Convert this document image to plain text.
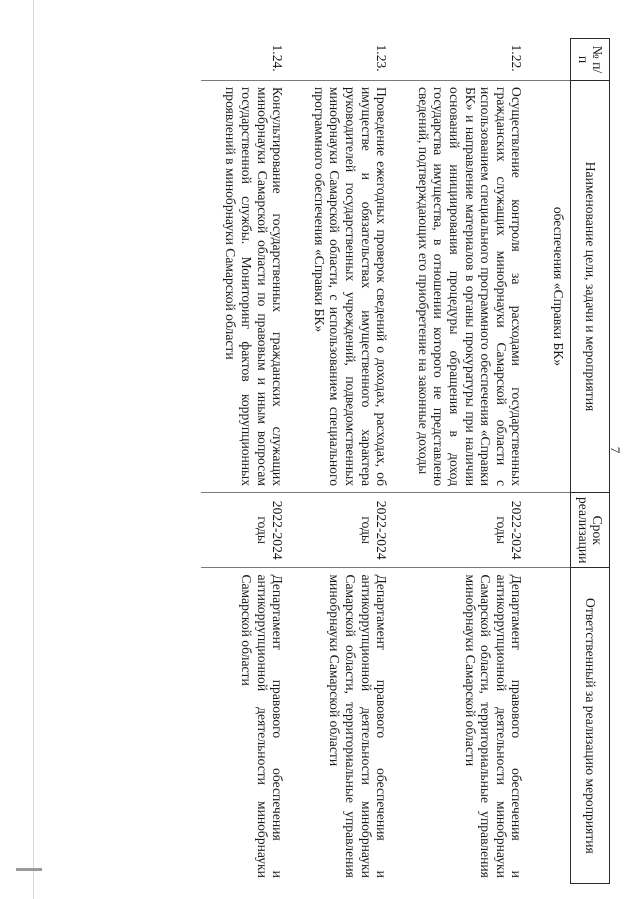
7
№ п/п	Наименование цели, задачи и мероприятия	Срок реализации	Ответственный за реализацию мероприятия
	обеспечения «Справки БК»		
1.22.	Осуществление контроля за расходами государственных гражданских служащих минобрнауки Самарской области с использованием специального программного обеспечения «Справки БК» и направление материалов в органы прокуратуры при наличии оснований инициирования процедуры обращения в доход государства имущества, в отношении которого не представлено сведений, подтверждающих его приобретение на законные доходы	2022-2024 годы	Департамент правового обеспечения и антикоррупционной деятельности минобрнауки Самарской области, территориальные управления минобрнауки Самарской области
1.23.	Проведение ежегодных проверок сведений о доходах, расходах, об имуществе и обязательствах имущественного характера руководителей государственных учреждений, подведомственных минобрнауки Самарской области, с использованием специального программного обеспечения «Справки БК»	2022-2024 годы	Департамент правового обеспечения и антикоррупционной деятельности минобрнауки Самарской области, территориальные управления минобрнауки Самарской области
1.24.	Консультирование государственных гражданских служащих минобрнауки Самарской области по правовым и иным вопросам государственной службы. Мониторинг фактов коррупционных проявлений в минобрнауки Самарской области	2022-2024 годы	Департамент правового обеспечения и антикоррупционной деятельности минобрнауки Самарской области
